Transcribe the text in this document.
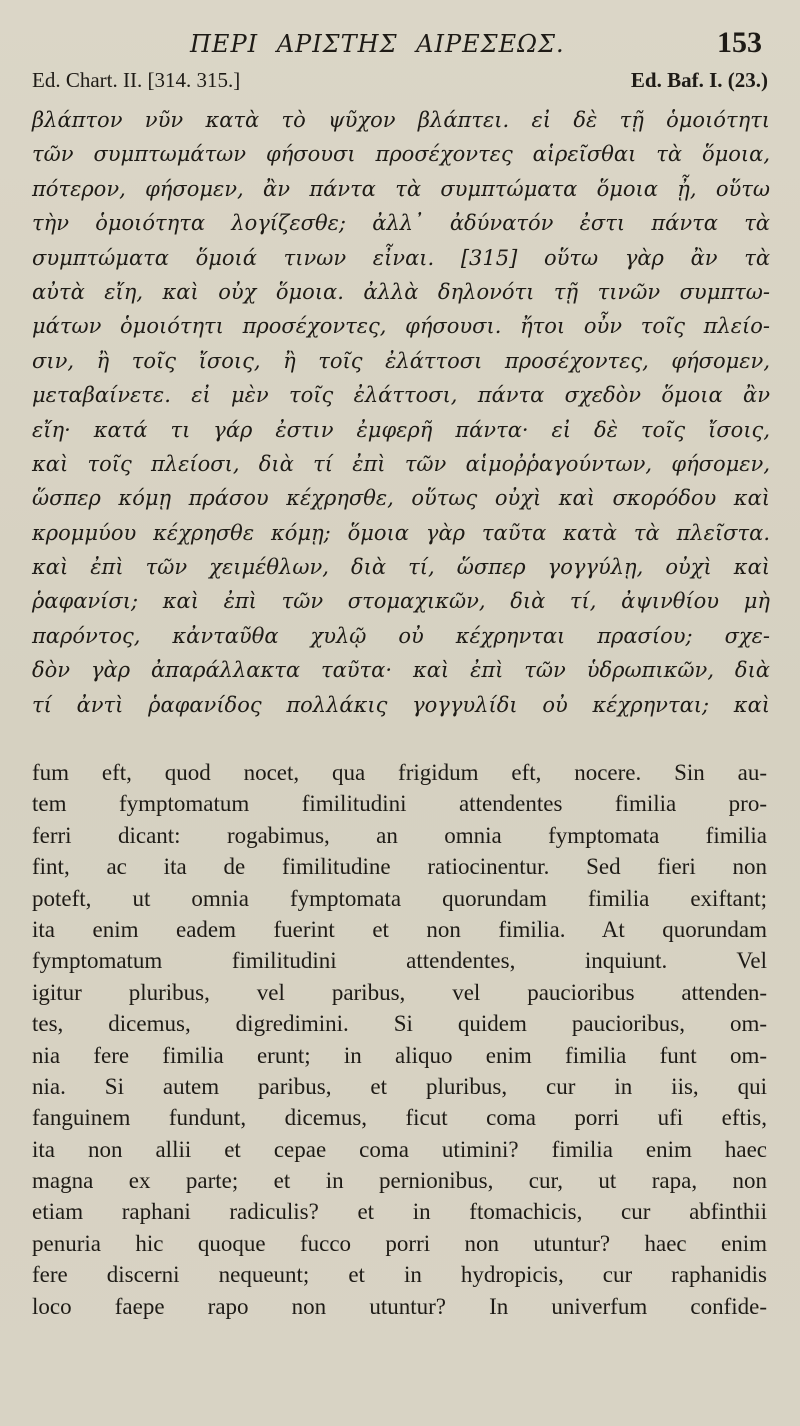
ΠΕΡΙ ΑΡΙΣΤΗΣ ΑΙΡΕΣΕΩΣ.	153
Ed. Chart. II. [314. 315.]	Ed. Baf. I. (23.)
βλάπτον νῦν κατὰ τὸ ψῦχον βλάπτει. εἰ δὲ τῇ ὁμοιότητι
τῶν συμπτωμάτων φήσουσι προσέχοντες αἱρεῖσθαι τὰ ὅμοια,
πότερον, φήσομεν, ἂν πάντα τὰ συμπτώματα ὅμοια ᾖ, οὕτω
τὴν ὁμοιότητα λογίζεσθε; ἀλλ᾽ ἀδύνατόν ἐστι πάντα τὰ
συμπτώματα ὅμοιά τινων εἶναι. [315] οὕτω γὰρ ἂν τὰ
αὐτὰ εἴη, καὶ οὐχ ὅμοια. ἀλλὰ δηλονότι τῇ τινῶν συμπτω-
μάτων ὁμοιότητι προσέχοντες, φήσουσι. ἤτοι οὖν τοῖς πλείο-
σιν, ἢ τοῖς ἴσοις, ἢ τοῖς ἐλάττοσι προσέχοντες, φήσομεν,
μεταβαίνετε. εἰ μὲν τοῖς ἐλάττοσι, πάντα σχεδὸν ὅμοια ἂν
εἴη· κατά τι γάρ ἐστιν ἐμφερῆ πάντα· εἰ δὲ τοῖς ἴσοις,
καὶ τοῖς πλείοσι, διὰ τί ἐπὶ τῶν αἱμοῤῥαγούντων, φήσομεν,
ὥσπερ κόμῃ πράσου κέχρησθε, οὕτως οὐχὶ καὶ σκορόδου καὶ
κρομμύου κέχρησθε κόμῃ; ὅμοια γὰρ ταῦτα κατὰ τὰ πλεῖστα.
καὶ ἐπὶ τῶν χειμέθλων, διὰ τί, ὥσπερ γογγύλῃ, οὐχὶ καὶ
ῥαφανίσι; καὶ ἐπὶ τῶν στομαχικῶν, διὰ τί, ἀψινθίου μὴ
παρόντος, κἀνταῦθα χυλῷ οὐ κέχρηνται πρασίου; σχε-
δὸν γὰρ ἀπαράλλακτα ταῦτα· καὶ ἐπὶ τῶν ὑδρωπικῶν, διὰ
τί ἀντὶ ῥαφανίδος πολλάκις γογγυλίδι οὐ κέχρηνται; καὶ
fum eft, quod nocet, qua frigidum eft, nocere. Sin au-
tem fymptomatum fimilitudini attendentes fimilia pro-
ferri dicant: rogabimus, an omnia fymptomata fimilia
fint, ac ita de fimilitudine ratiocinentur. Sed fieri non
poteft, ut omnia fymptomata quorundam fimilia exiftant;
ita enim eadem fuerint et non fimilia. At quorundam
fymptomatum fimilitudini attendentes, inquiunt. Vel
igitur pluribus, vel paribus, vel paucioribus attenden-
tes, dicemus, digredimini. Si quidem paucioribus, om-
nia fere fimilia erunt; in aliquo enim fimilia funt om-
nia. Si autem paribus, et pluribus, cur in iis, qui
fanguinem fundunt, dicemus, ficut coma porri ufi eftis,
ita non allii et cepae coma utimini? fimilia enim haec
magna ex parte; et in pernionibus, cur, ut rapa, non
etiam raphani radiculis? et in ftomachicis, cur abfinthii
penuria hic quoque fucco porri non utuntur? haec enim
fere discerni nequeunt; et in hydropicis, cur raphanidis
loco faepe rapo non utuntur? In univerfum confide-
